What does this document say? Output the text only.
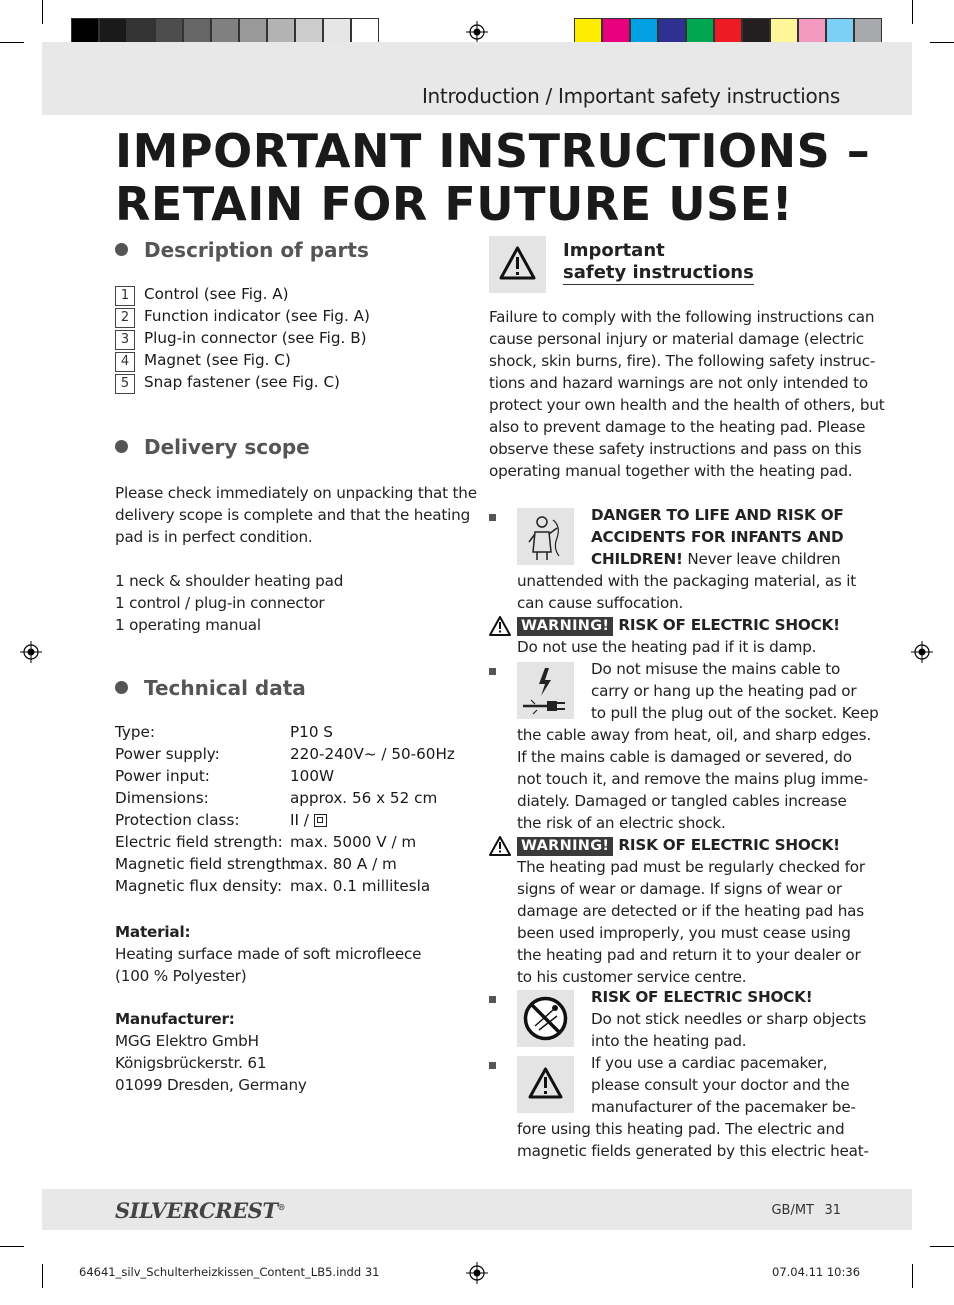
Introduction / Important safety instructions
IMPORTANT INSTRUCTIONS –
RETAIN FOR FUTURE USE!
Description of parts
1 Control (see Fig. A)
2 Function indicator (see Fig. A)
3 Plug-in connector (see Fig. B)
4 Magnet (see Fig. C)
5 Snap fastener (see Fig. C)
Delivery scope
Please check immediately on unpacking that the
delivery scope is complete and that the heating
pad is in perfect condition.
1 neck & shoulder heating pad
1 control / plug-in connector
1 operating manual
Technical data
Type:	P10 S
Power supply:	220-240V~ / 50-60Hz
Power input:	100W
Dimensions:	approx. 56 x 52 cm
Protection class:	II /
Electric field strength: max. 5000 V / m
Magnetic field strength:
max. 80 A / m
Magnetic flux density: max. 0.1 millitesla
Material:
Heating surface made of soft microfleece
(100 % Polyester)
Manufacturer:
MGG Elektro GmbH
Königsbrückerstr. 61
01099 Dresden, Germany
Important
safety instructions
Failure to comply with the following instructions can
cause personal injury or material damage (electric
shock, skin burns, fire). The following safety instruc-
tions and hazard warnings are not only intended to
protect your own health and the health of others, but
also to prevent damage to the heating pad. Please
observe these safety instructions and pass on this
operating manual together with the heating pad.
DANGER TO LIFE AND RISK OF
ACCIDENTS FOR INFANTS AND
CHILDREN! Never leave children
unattended with the packaging material, as it
can cause suffocation.
WARNING! RISK OF ELECTRIC SHOCK!
Do not use the heating pad if it is damp.
Do not misuse the mains cable to
carry or hang up the heating pad or
to pull the plug out of the socket. Keep
the cable away from heat, oil, and sharp edges.
If the mains cable is damaged or severed, do
not touch it, and remove the mains plug imme-
diately. Damaged or tangled cables increase
the risk of an electric shock.
WARNING! RISK OF ELECTRIC SHOCK!
The heating pad must be regularly checked for
signs of wear or damage. If signs of wear or
damage are detected or if the heating pad has
been used improperly, you must cease using
the heating pad and return it to your dealer or
to his customer service centre.
RISK OF ELECTRIC SHOCK!
Do not stick needles or sharp objects
into the heating pad.
If you use a cardiac pacemaker,
please consult your doctor and the
manufacturer of the pacemaker be-
fore using this heating pad. The electric and
magnetic fields generated by this electric heat-
SILVERCREST®	GB/MT 31
64641_silv_Schulterheizkissen_Content_LB5.indd 31	07.04.11 10:36
